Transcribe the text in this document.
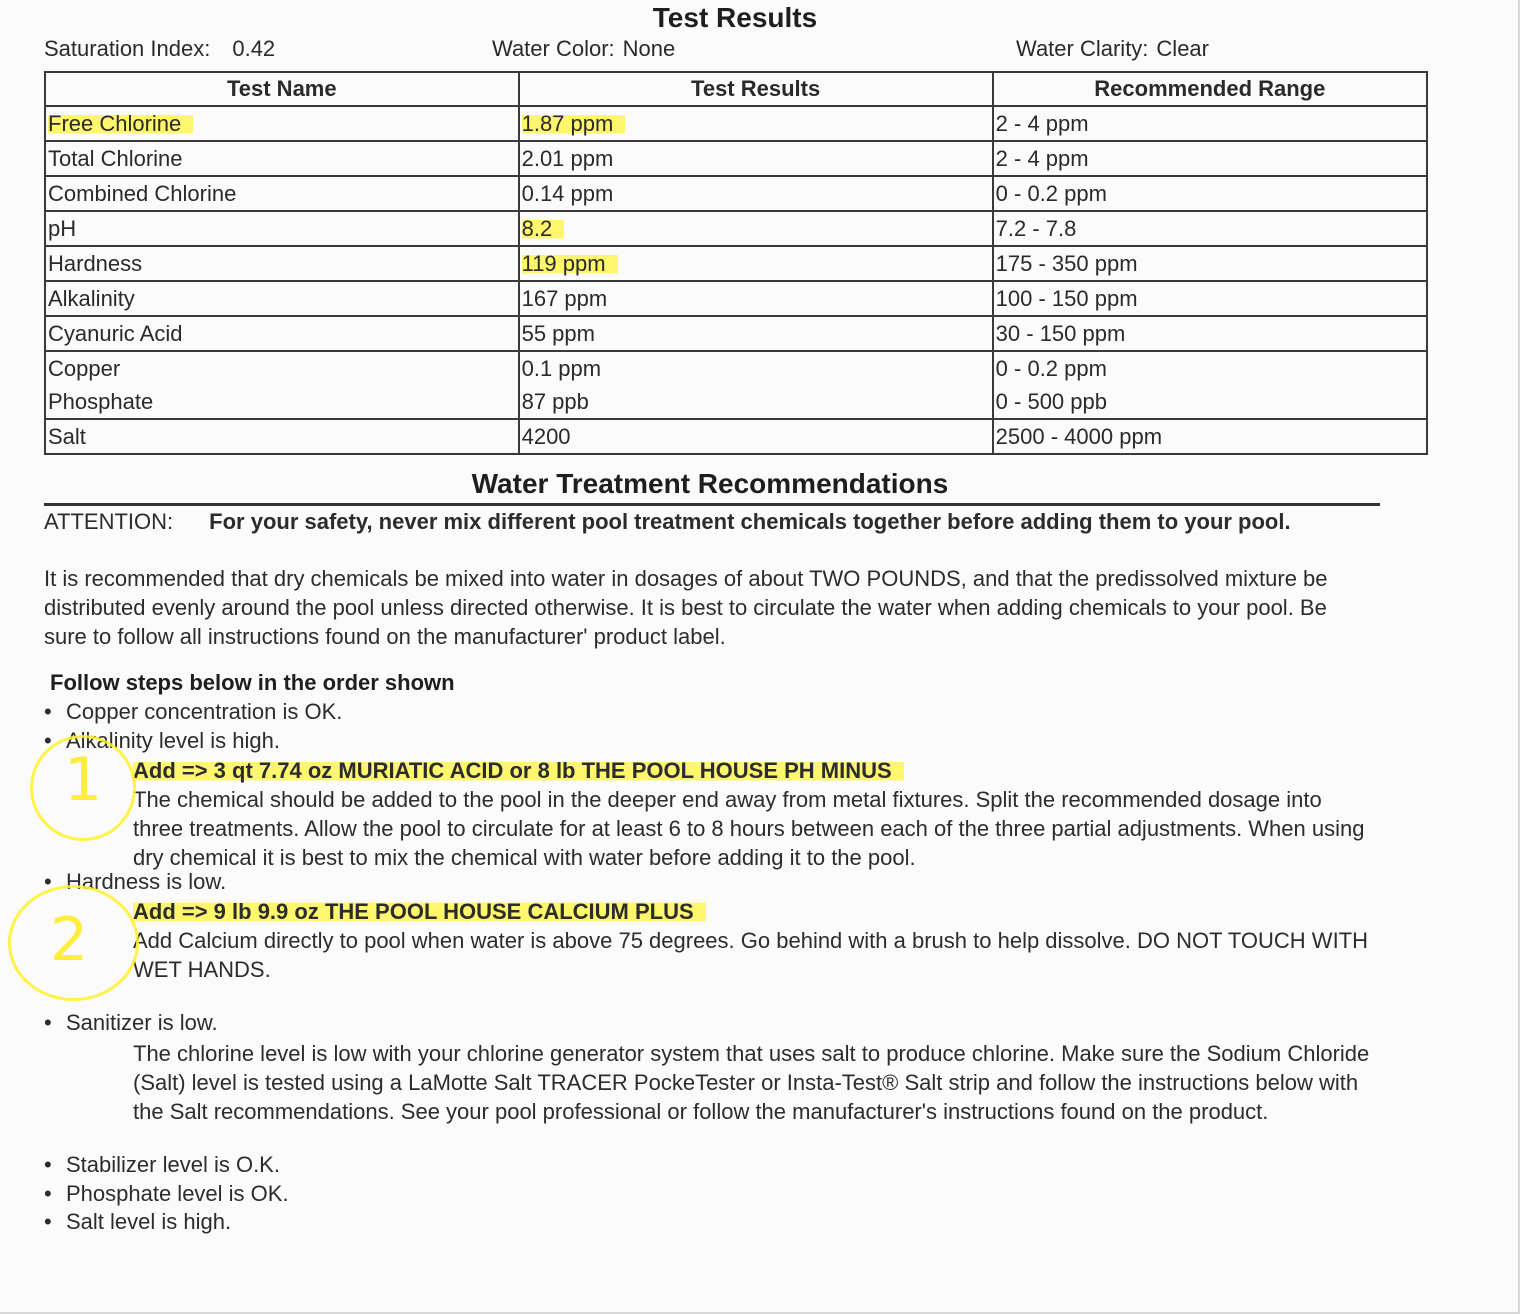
Test Results
Saturation Index: 0.42	Water Color: None	Water Clarity: Clear
Test Name	Test Results	Recommended Range
Free Chlorine	1.87 ppm	2 - 4 ppm
Total Chlorine	2.01 ppm	2 - 4 ppm
Combined Chlorine	0.14 ppm	0 - 0.2 ppm
pH	8.2	7.2 - 7.8
Hardness	119 ppm	175 - 350 ppm
Alkalinity	167 ppm	100 - 150 ppm
Cyanuric Acid	55 ppm	30 - 150 ppm
Copper	0.1 ppm	0 - 0.2 ppm
Phosphate	87 ppb	0 - 500 ppb
Salt	4200	2500 - 4000 ppm
Water Treatment Recommendations
ATTENTION: For your safety, never mix different pool treatment chemicals together before adding them to your pool.
It is recommended that dry chemicals be mixed into water in dosages of about TWO POUNDS, and that the predissolved mixture be distributed evenly around the pool unless directed otherwise. It is best to circulate the water when adding chemicals to your pool. Be sure to follow all instructions found on the manufacturer' product label.
Follow steps below in the order shown
• Copper concentration is OK.
• Alkalinity level is high.
Add => 3 qt 7.74 oz MURIATIC ACID or 8 lb THE POOL HOUSE PH MINUS
The chemical should be added to the pool in the deeper end away from metal fixtures. Split the recommended dosage into three treatments. Allow the pool to circulate for at least 6 to 8 hours between each of the three partial adjustments. When using dry chemical it is best to mix the chemical with water before adding it to the pool.
• Hardness is low.
Add => 9 lb 9.9 oz THE POOL HOUSE CALCIUM PLUS
Add Calcium directly to pool when water is above 75 degrees. Go behind with a brush to help dissolve. DO NOT TOUCH WITH WET HANDS.
• Sanitizer is low.
The chlorine level is low with your chlorine generator system that uses salt to produce chlorine. Make sure the Sodium Chloride (Salt) level is tested using a LaMotte Salt TRACER PockeTester or Insta-Test® Salt strip and follow the instructions below with the Salt recommendations. See your pool professional or follow the manufacturer's instructions found on the product.
• Stabilizer level is O.K.
• Phosphate level is OK.
• Salt level is high.
1
2
